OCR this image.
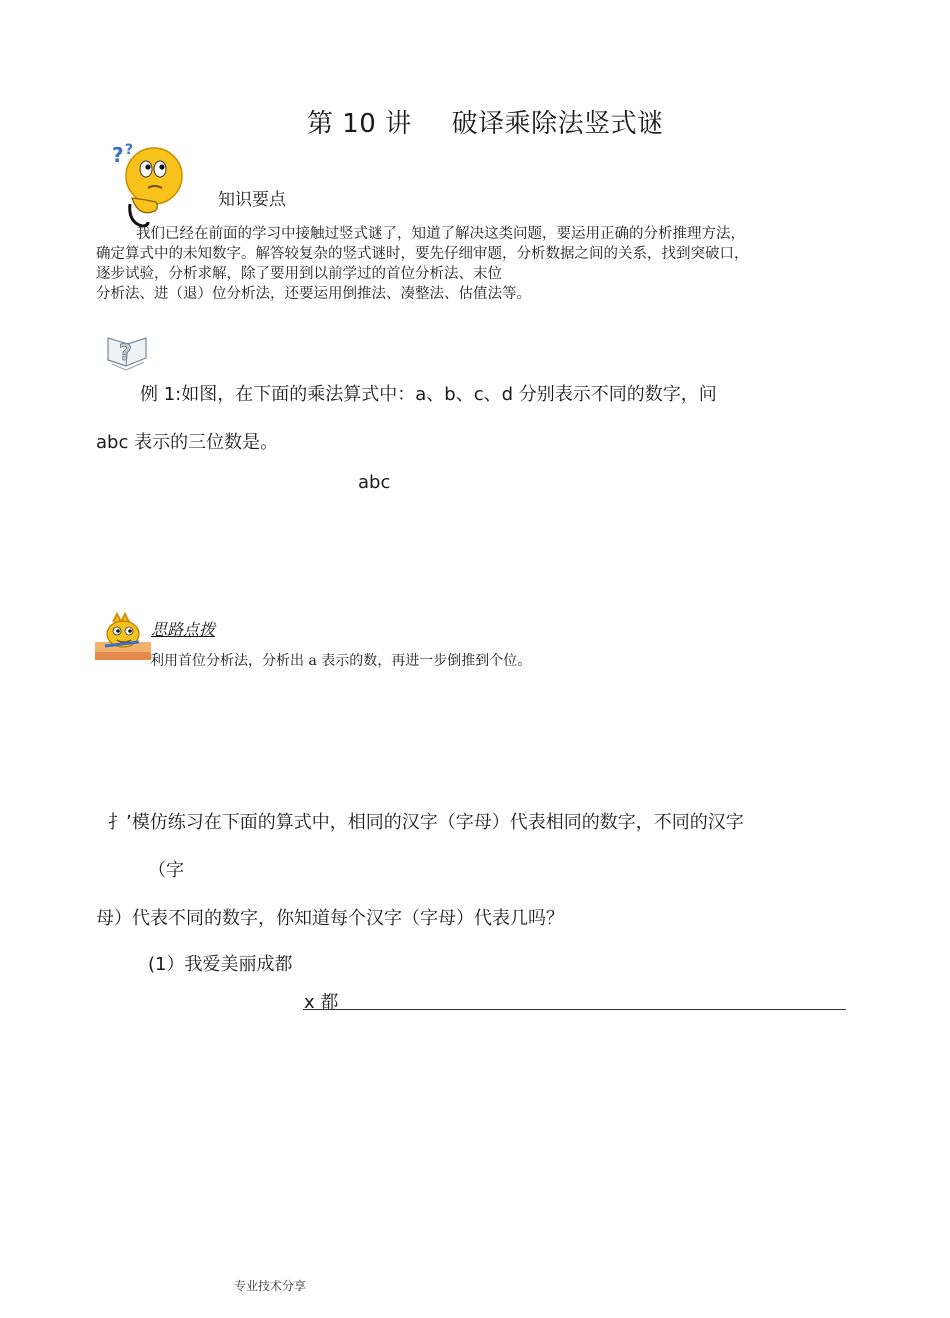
第 10 讲 破译乘除法竖式谜
? ?
知识要点
我们已经在前面的学习中接触过竖式谜了，知道了解决这类问题，要运用正确的分析推理方法，
确定算式中的未知数字。解答较复杂的竖式谜时，要先仔细审题，分析数据之间的关系，找到突破口，
逐步试验，分析求解，除了要用到以前学过的首位分析法、末位
分析法、进（退）位分析法，还要运用倒推法、凑整法、估值法等。
?
例 1:如图，在下面的乘法算式中：a、b、c、d 分别表示不同的数字，问
abc 表示的三位数是。
abc
思路点拨
利用首位分析法，分析出 a 表示的数，再进一步倒推到个位。
扌’模仿练习在下面的算式中，相同的汉字（字母）代表相同的数字，不同的汉字
（字
母）代表不同的数字，你知道每个汉字（字母）代表几吗？
(1）我爱美丽成都
x 都
专业技术分享
